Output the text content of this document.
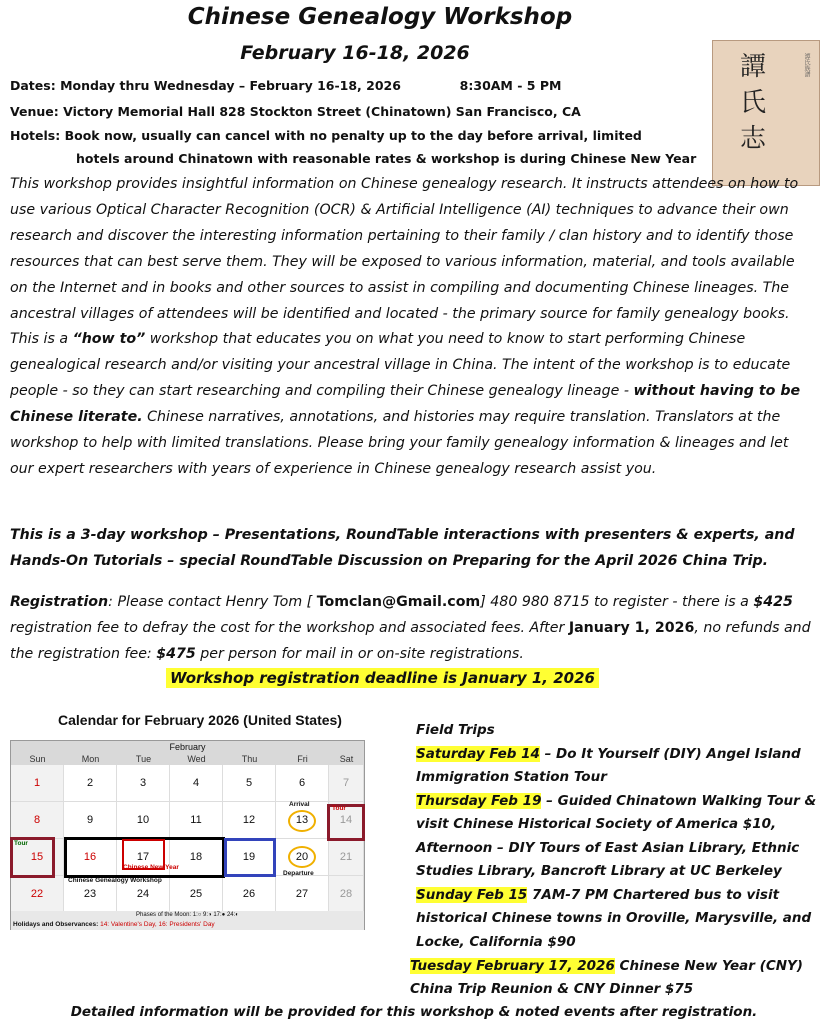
Chinese Genealogy Workshop
February 16-18, 2026	譚氏志
譚氏族譜
Dates: Monday thru Wednesday – February 16-18, 2026	8:30AM - 5 PM
Venue: Victory Memorial Hall 828 Stockton Street (Chinatown) San Francisco, CA
Hotels: Book now, usually can cancel with no penalty up to the day before arrival, limited
hotels around Chinatown with reasonable rates & workshop is during Chinese New Year
This workshop provides insightful information on Chinese genealogy research. It instructs attendees on how to use various Optical Character Recognition (OCR) & Artificial Intelligence (AI) techniques to advance their own research and discover the interesting information pertaining to their family / clan history and to identify those resources that can best serve them. They will be exposed to various information, material, and tools available on the Internet and in books and other sources to assist in compiling and documenting Chinese lineages. The ancestral villages of attendees will be identified and located - the primary source for family genealogy books. This is a “how to” workshop that educates you on what you need to know to start performing Chinese genealogical research and/or visiting your ancestral village in China. The intent of the workshop is to educate people - so they can start researching and compiling their Chinese genealogy lineage - without having to be Chinese literate. Chinese narratives, annotations, and histories may require translation. Translators at the workshop to help with limited translations. Please bring your family genealogy information & lineages and let our expert researchers with years of experience in Chinese genealogy research assist you.
This is a 3-day workshop – Presentations, RoundTable interactions with presenters & experts, and Hands-On Tutorials – special RoundTable Discussion on Preparing for the April 2026 China Trip.
Registration: Please contact Henry Tom [ Tomclan@Gmail.com] 480 980 8715 to register - there is a $425 registration fee to defray the cost for the workshop and associated fees. After January 1, 2026, no refunds and the registration fee: $475 per person for mail in or on-site registrations.
Workshop registration deadline is January 1, 2026
Calendar for February 2026 (United States)
February
Sun	Mon	Tue	Wed	Thu	Fri	Sat
1	2	3	4	5	6	7
8	9	10	11	12	13	14
15	16	17	18	19	20	21
22	23	24	25	26	27	28
Arrival
Departure
Tour
Tour
Chinese New Year
Chinese Genealogy Workshop
Phases of the Moon: 1:○ 9:◑ 17:● 24:◐
Holidays and Observances: 14: Valentine's Day, 16: Presidents' Day
Field Trips
Saturday Feb 14 – Do It Yourself (DIY) Angel Island
Immigration Station Tour
Thursday Feb 19 – Guided Chinatown Walking Tour &
visit Chinese Historical Society of America $10,
Afternoon – DIY Tours of East Asian Library, Ethnic
Studies Library, Bancroft Library at UC Berkeley
Sunday Feb 15 7AM-7 PM Chartered bus to visit
historical Chinese towns in Oroville, Marysville, and
Locke, California $90
Tuesday February 17, 2026 Chinese New Year (CNY)
China Trip Reunion & CNY Dinner $75
Detailed information will be provided for this workshop & noted events after registration.
